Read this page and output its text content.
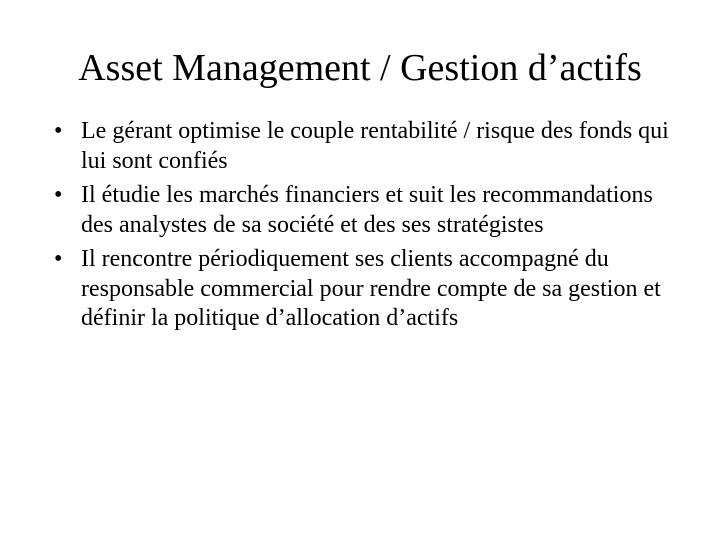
Asset Management / Gestion d’actifs
• Le gérant optimise le couple rentabilité / risque des fonds qui lui sont confiés
• Il étudie les marchés financiers et suit les recommandations des analystes de sa société et des ses stratégistes
• Il rencontre périodiquement ses clients accompagné du responsable commercial pour rendre compte de sa gestion et définir la politique d’allocation d’actifs
